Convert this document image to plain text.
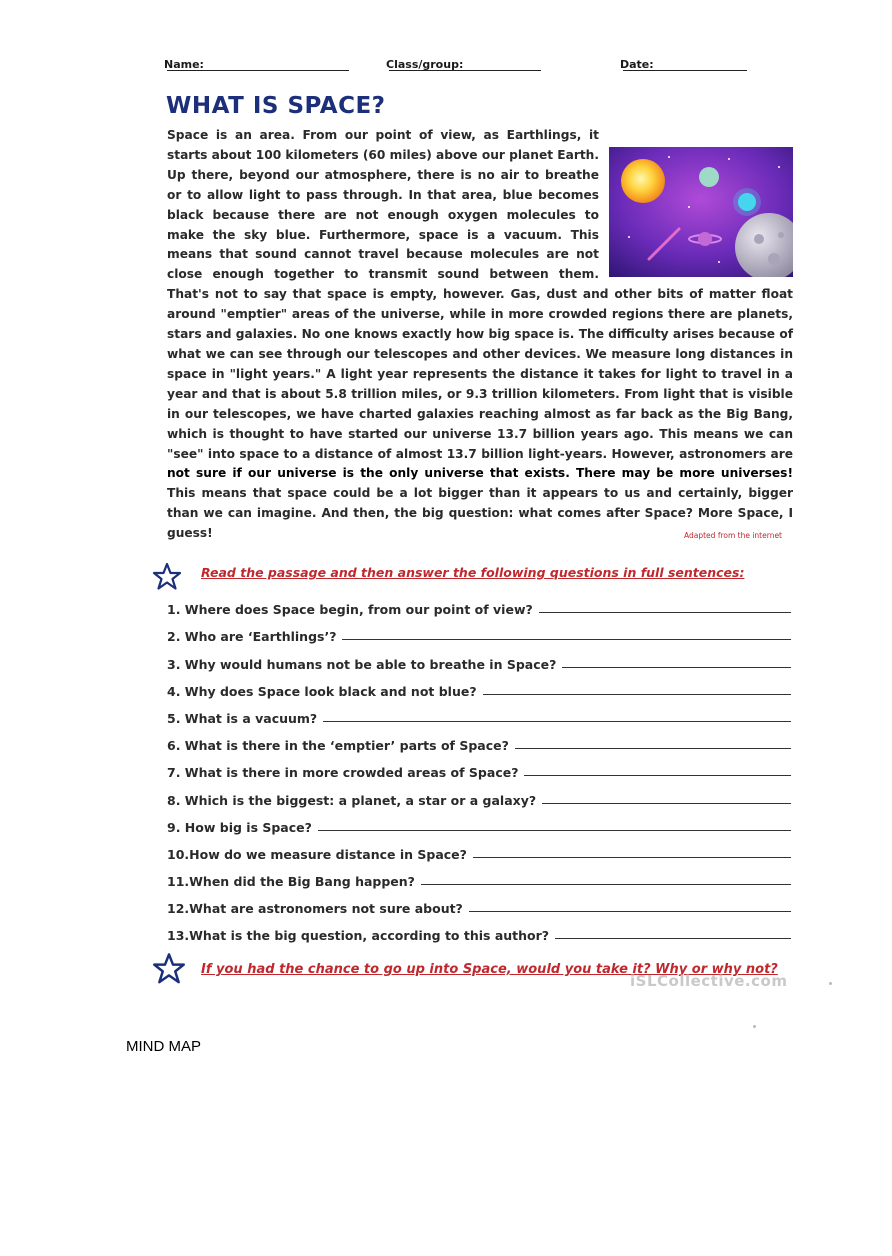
Name:	Class/group:	Date:
WHAT IS SPACE?
Space is an area. From our point of view, as Earthlings, it starts about 100 kilometers (60 miles) above our planet Earth. Up there, beyond our atmosphere, there is no air to breathe or to allow light to pass through. In that area, blue becomes black because there are not enough oxygen molecules to make the sky blue. Furthermore, space is a vacuum. This means that sound cannot travel because molecules are not close enough together to transmit sound between them. That's not to say that space is empty, however. Gas, dust and other bits of matter float around "emptier" areas of the universe, while in more crowded regions there are planets, stars and galaxies. No one knows exactly how big space is. The difficulty arises because of what we can see through our telescopes and other devices. We measure long distances in space in "light years." A light year represents the distance it takes for light to travel in a year and that is about 5.8 trillion miles, or 9.3 trillion kilometers. From light that is visible in our telescopes, we have charted galaxies reaching almost as far back as the Big Bang, which is thought to have started our universe 13.7 billion years ago. This means we can "see" into space to a distance of almost 13.7 billion light-years. However, astronomers are not sure if our universe is the only universe that exists. There may be more universes! This means that space could be a lot bigger than it appears to us and certainly, bigger than we can imagine. And then, the big question: what comes after Space? More Space, I guess!	Adapted from the internet
Read the passage and then answer the following questions in full sentences:
1. Where does Space begin, from our point of view?
2. Who are ‘Earthlings’?
3. Why would humans not be able to breathe in Space?
4. Why does Space look black and not blue?
5. What is a vacuum?
6. What is there in the ‘emptier’ parts of Space?
7. What is there in more crowded areas of Space?
8. Which is the biggest: a planet, a star or a galaxy?
9. How big is Space?
10.How do we measure distance in Space?
11.When did the Big Bang happen?
12.What are astronomers not sure about?
13.What is the big question, according to this author?
If you had the chance to go up into Space, would you take it? Why or why not?
iSLCollective.com
MIND MAP
